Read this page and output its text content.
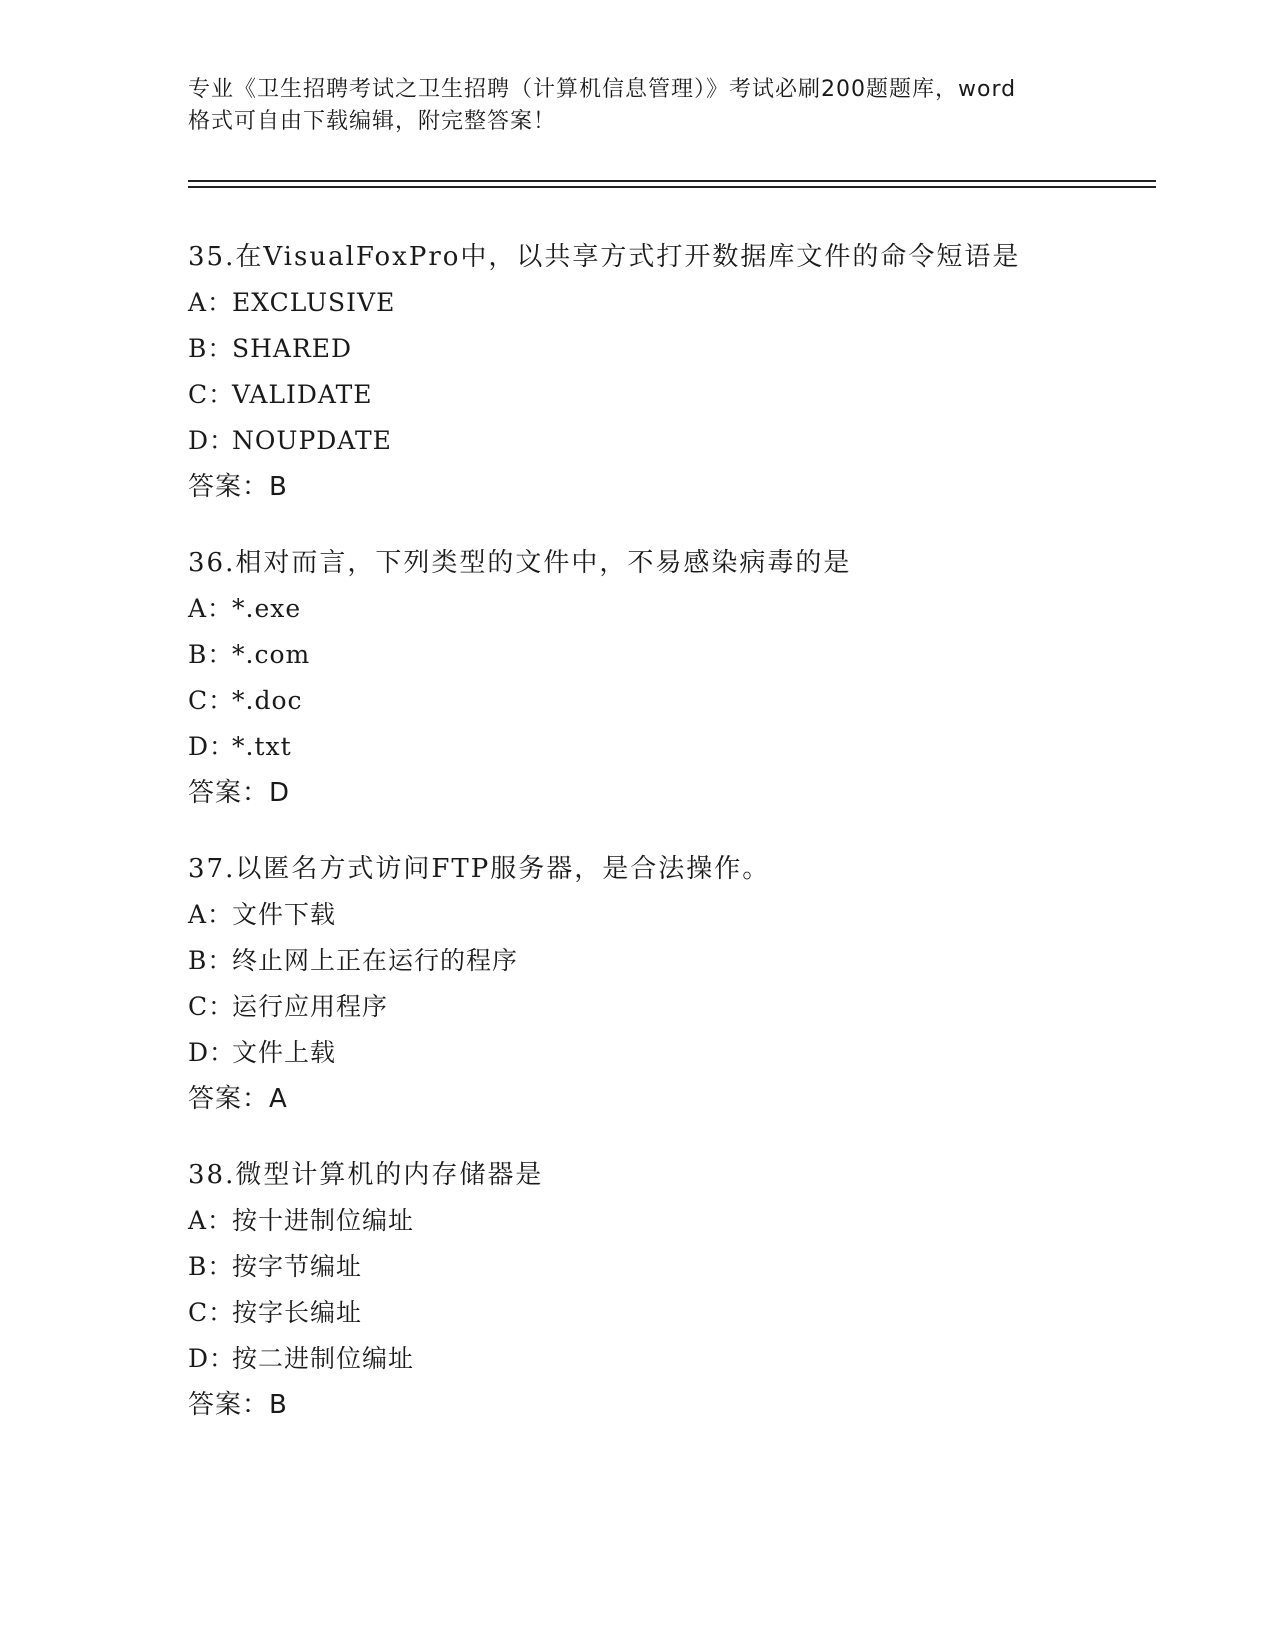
专业《卫生招聘考试之卫生招聘（计算机信息管理）》考试必刷200题题库，word
格式可自由下载编辑，附完整答案！
35.在VisualFoxPro中，以共享方式打开数据库文件的命令短语是
A：EXCLUSIVE
B：SHARED
C：VALIDATE
D：NOUPDATE
答案：B
36.相对而言，下列类型的文件中，不易感染病毒的是
A：*.exe
B：*.com
C：*.doc
D：*.txt
答案：D
37.以匿名方式访问FTP服务器，是合法操作。
A：文件下载
B：终止网上正在运行的程序
C：运行应用程序
D：文件上载
答案：A
38.微型计算机的内存储器是
A：按十进制位编址
B：按字节编址
C：按字长编址
D：按二进制位编址
答案：B
